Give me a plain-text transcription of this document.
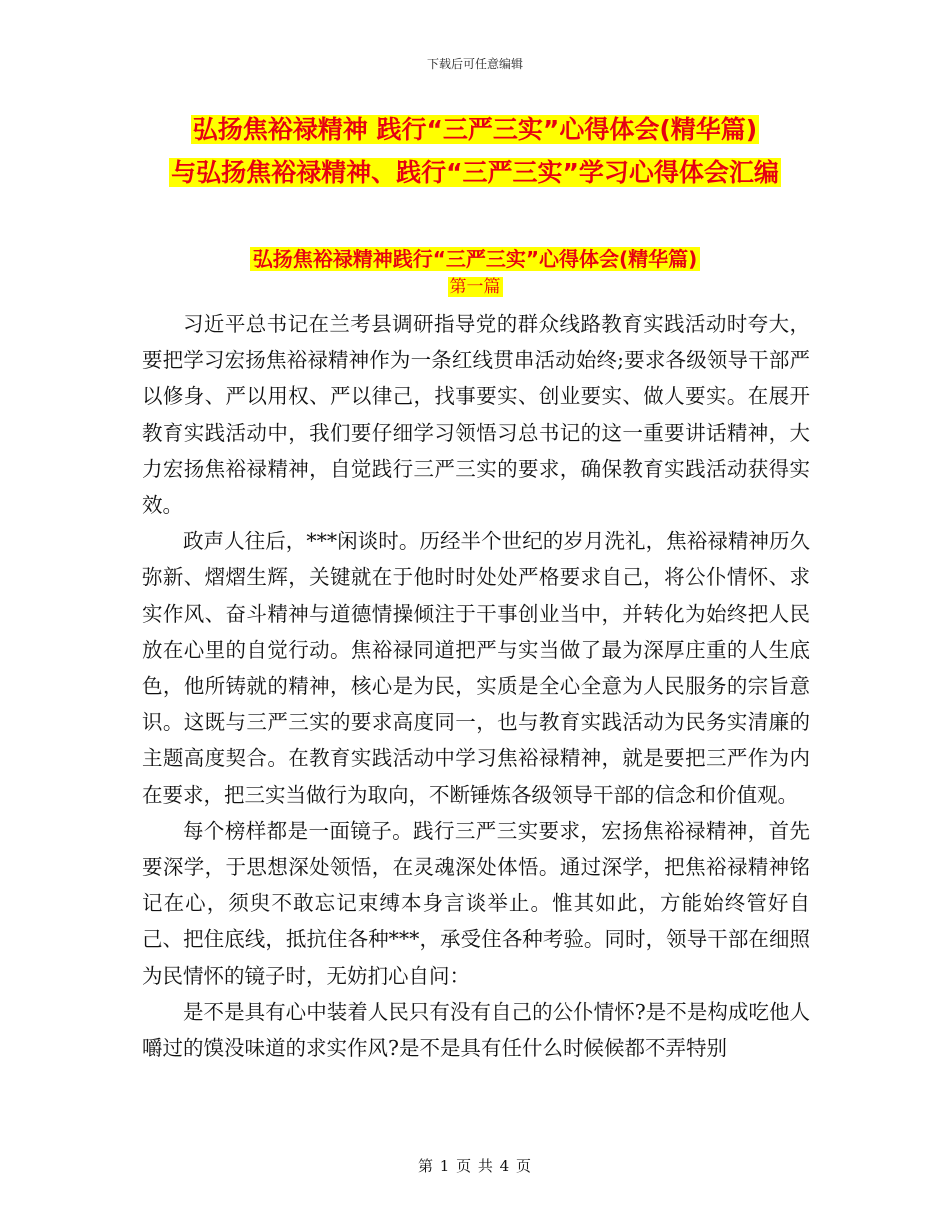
下载后可任意编辑
弘扬焦裕禄精神 践行“三严三实”心得体会(精华篇)
与弘扬焦裕禄精神、践行“三严三实”学习心得体会汇编
弘扬焦裕禄精神践行“三严三实”心得体会(精华篇)
第一篇

习近平总书记在兰考县调研指导党的群众线路教育实践活动时夸大，要把学习宏扬焦裕禄精神作为一条红线贯串活动始终;要求各级领导干部严以修身、严以用权、严以律己，找事要实、创业要实、做人要实。在展开教育实践活动中，我们要仔细学习领悟习总书记的这一重要讲话精神，大力宏扬焦裕禄精神，自觉践行三严三实的要求，确保教育实践活动获得实效。

政声人往后，***闲谈时。历经半个世纪的岁月洗礼，焦裕禄精神历久弥新、熠熠生辉，关键就在于他时时处处严格要求自己，将公仆情怀、求实作风、奋斗精神与道德情操倾注于干事创业当中，并转化为始终把人民放在心里的自觉行动。焦裕禄同道把严与实当做了最为深厚庄重的人生底色，他所铸就的精神，核心是为民，实质是全心全意为人民服务的宗旨意识。这既与三严三实的要求高度同一，也与教育实践活动为民务实清廉的主题高度契合。在教育实践活动中学习焦裕禄精神，就是要把三严作为内在要求，把三实当做行为取向，不断锤炼各级领导干部的信念和价值观。

每个榜样都是一面镜子。践行三严三实要求，宏扬焦裕禄精神，首先要深学，于思想深处领悟，在灵魂深处体悟。通过深学，把焦裕禄精神铭记在心，须臾不敢忘记束缚本身言谈举止。惟其如此，方能始终管好自己、把住底线，抵抗住各种***，承受住各种考验。同时，领导干部在细照为民情怀的镜子时，无妨扪心自问：

是不是具有心中装着人民只有没有自己的公仆情怀?是不是构成吃他人嚼过的馍没味道的求实作风?是不是具有任什么时候候都不弄特别

第 1 页 共 4 页
